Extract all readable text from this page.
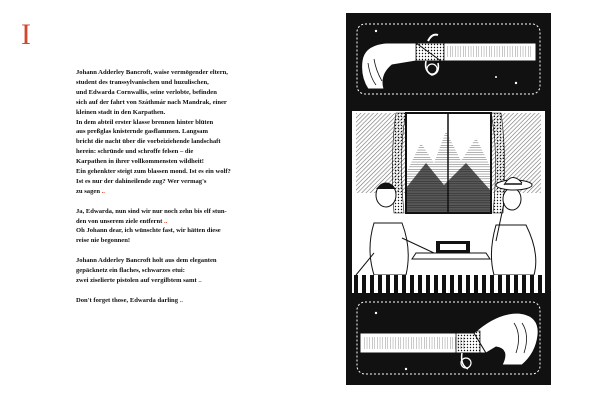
I
Johann Adderley Bancroft, waise vermögender eltern,
student des transsylvanischen und huzulischen,
und Edwarda Cornwallis, seine verlobte, befinden
sich auf der fahrt von Száthmár nach Mandrak, einer
kleinen stadt in den Karpathen.
In dem abteil erster klasse brennen hinter blüten
aus preßglas knisternde gasflammen. Langsam
bricht die nacht über die vorbeiziehende landschaft
herein: schründe und schroffe felsen – die
Karpathen in ihrer vollkommensten wildheit!
Ein gehenkter steigt zum blassen mond. Ist es ein wolf?
Ist es nur der dahineilende zug? Wer vermag's
zu sagen ..
Ja, Edwarda, nun sind wir nur noch zehn bis elf stun-
den von unserem ziele entfernt ..
Oh Johann dear, ich wünschte fast, wir hätten diese
reise nie begonnen!
Johann Adderley Bancroft holt aus dem eleganten
gepäcknetz ein flaches, schwarzes etui:
zwei ziselierte pistolen auf vergilbtem samt ..
Don't forget those, Edwarda darling ..
